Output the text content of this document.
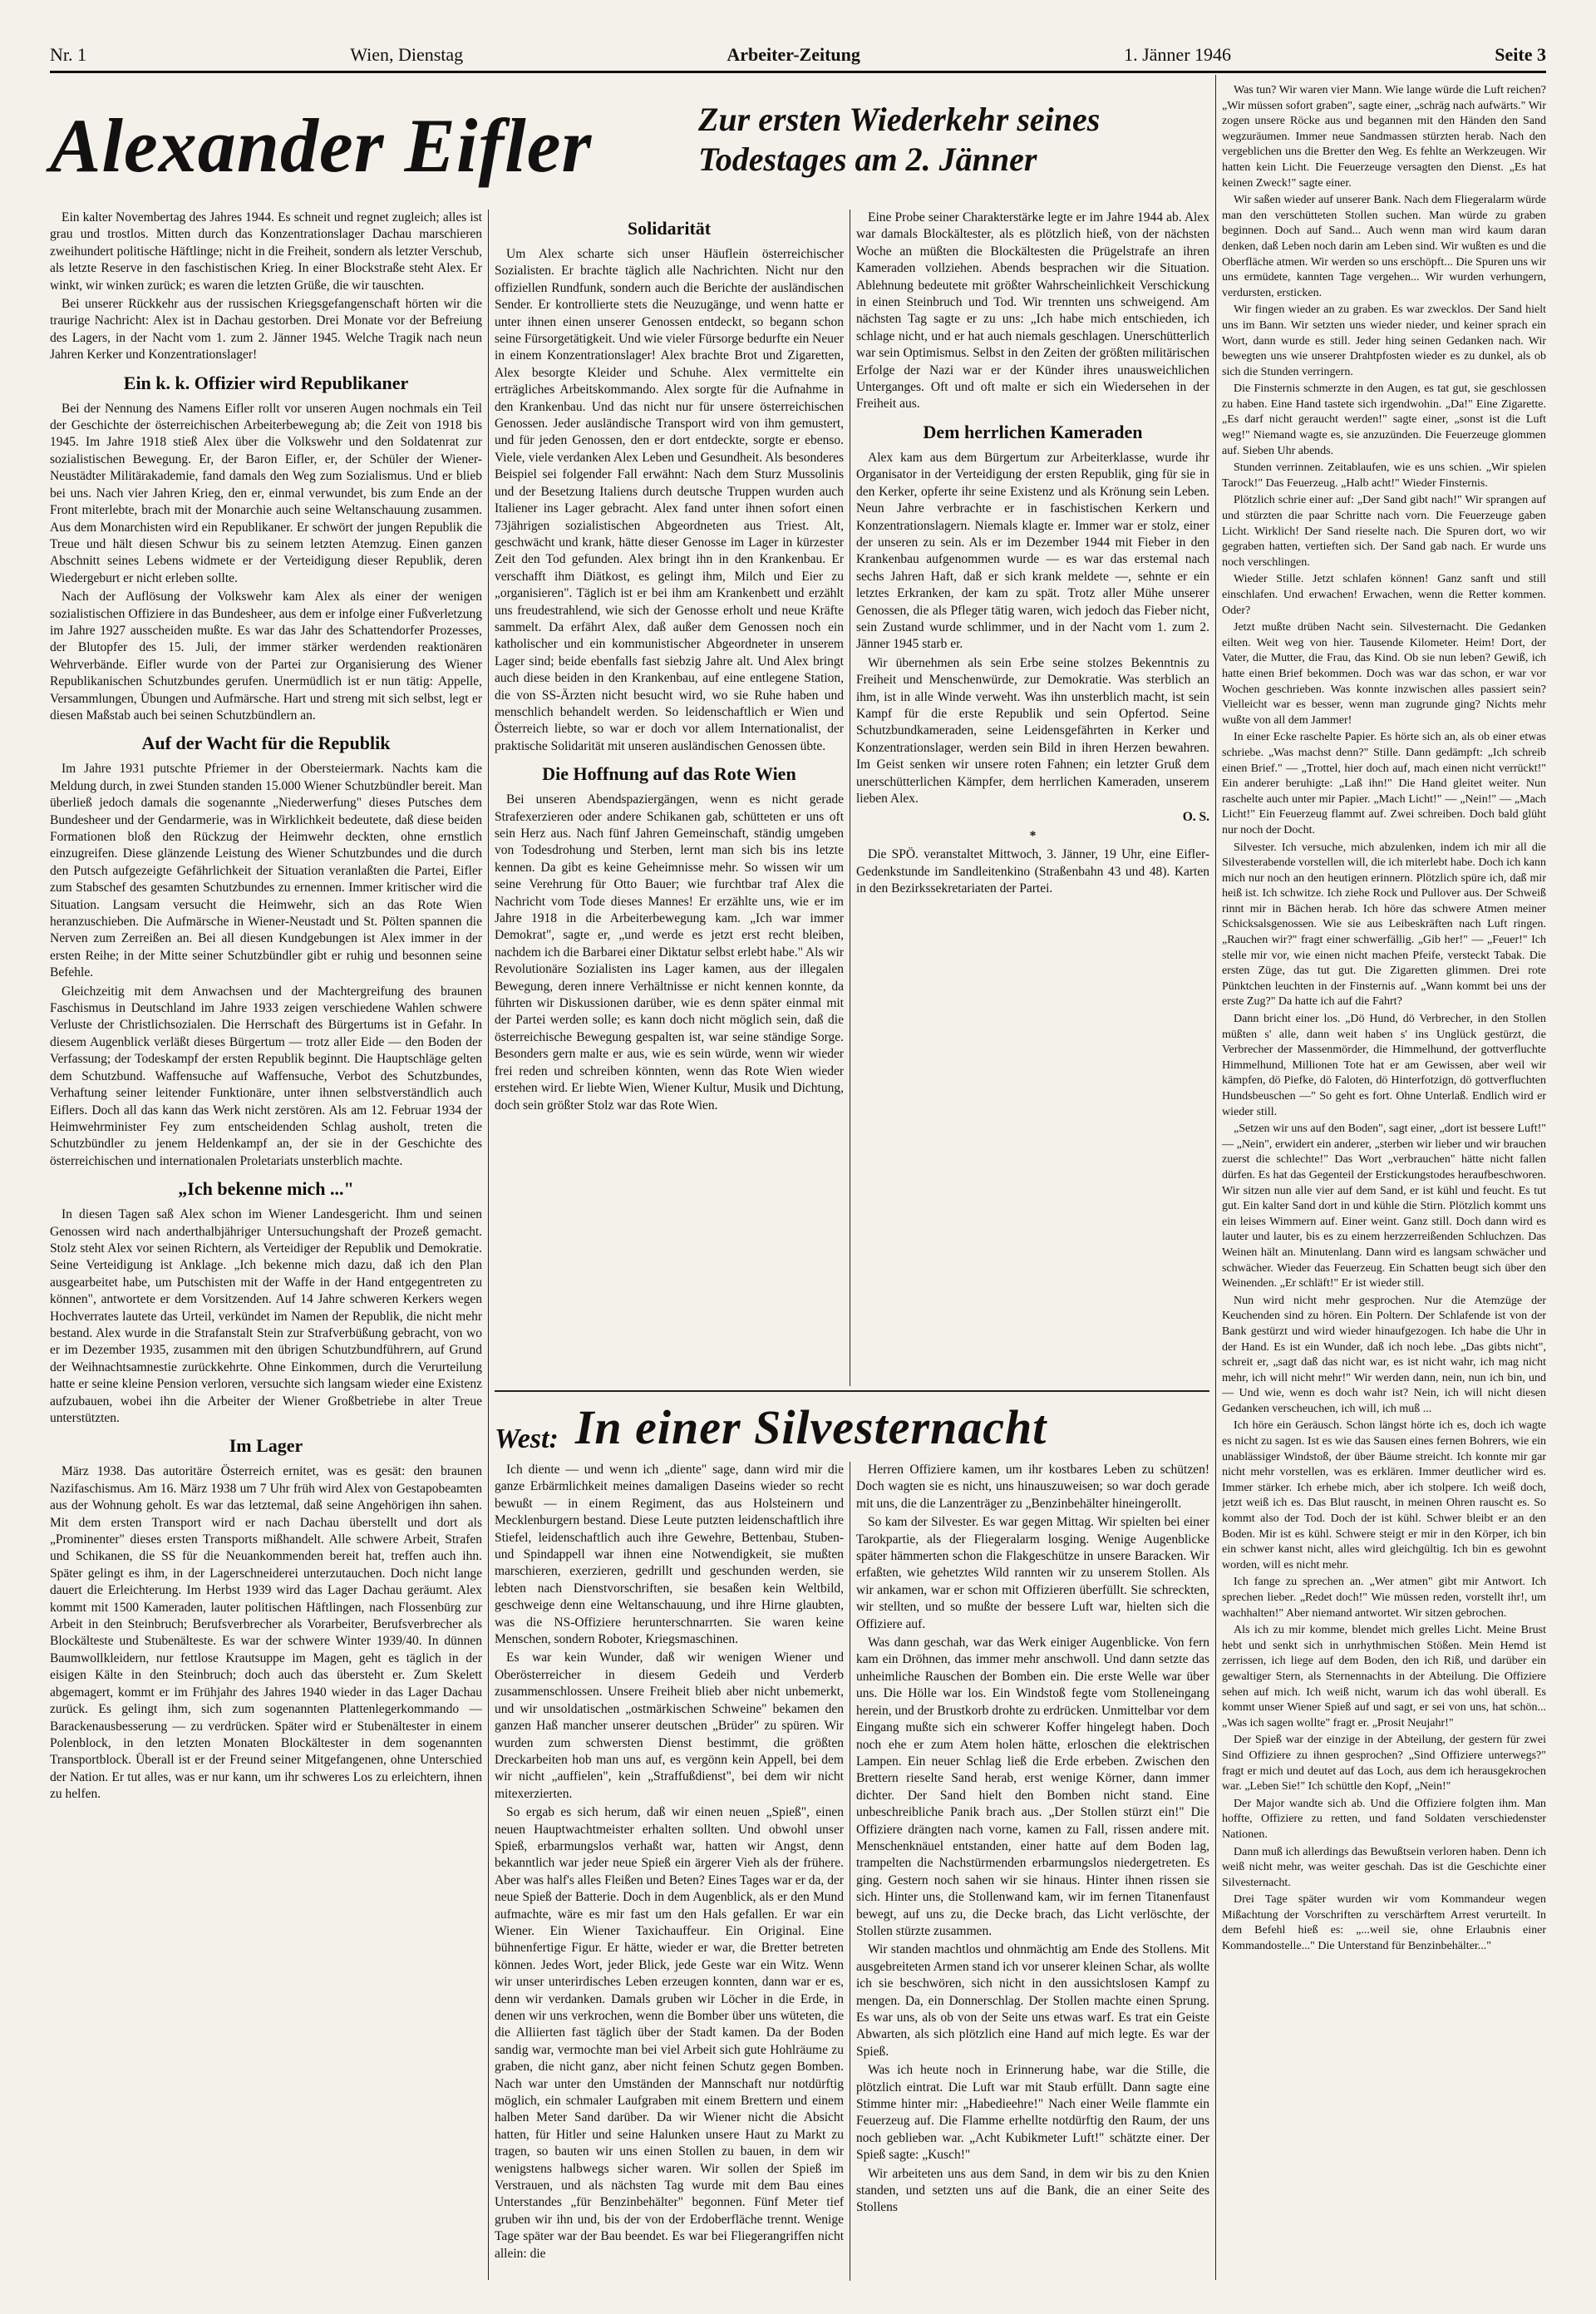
Nr. 1	Wien, Dienstag	Arbeiter-Zeitung	1. Jänner 1946	Seite 3
Alexander Eifler	Zur ersten Wiederkehr seines
Todestages am 2. Jänner

Ein kalter Novembertag des Jahres 1944. Es schneit und regnet zugleich; alles ist grau und trostlos. Mitten durch das Konzentrationslager Dachau marschieren zweihundert politische Häftlinge; nicht in die Freiheit, sondern als letzter Verschub, als letzte Reserve in den faschistischen Krieg. In einer Blockstraße steht Alex. Er winkt, wir winken zurück; es waren die letzten Grüße, die wir tauschten.

Bei unserer Rückkehr aus der russischen Kriegsgefangenschaft hörten wir die traurige Nachricht: Alex ist in Dachau gestorben. Drei Monate vor der Befreiung des Lagers, in der Nacht vom 1. zum 2. Jänner 1945. Welche Tragik nach neun Jahren Kerker und Konzentrationslager!

Ein k. k. Offizier wird Republikaner

Bei der Nennung des Namens Eifler rollt vor unseren Augen nochmals ein Teil der Geschichte der österreichischen Arbeiterbewegung ab; die Zeit von 1918 bis 1945. Im Jahre 1918 stieß Alex über die Volkswehr und den Soldatenrat zur sozialistischen Bewegung. Er, der Baron Eifler, er, der Schüler der Wiener-Neustädter Militärakademie, fand damals den Weg zum Sozialismus. Und er blieb bei uns. Nach vier Jahren Krieg, den er, einmal verwundet, bis zum Ende an der Front miterlebte, brach mit der Monarchie auch seine Weltanschauung zusammen. Aus dem Monarchisten wird ein Republikaner. Er schwört der jungen Republik die Treue und hält diesen Schwur bis zu seinem letzten Atemzug. Einen ganzen Abschnitt seines Lebens widmete er der Verteidigung dieser Republik, deren Wiedergeburt er nicht erleben sollte.

Nach der Auflösung der Volkswehr kam Alex als einer der wenigen sozialistischen Offiziere in das Bundesheer, aus dem er infolge einer Fußverletzung im Jahre 1927 ausscheiden mußte. Es war das Jahr des Schattendorfer Prozesses, der Blutopfer des 15. Juli, der immer stärker werdenden reaktionären Wehrverbände. Eifler wurde von der Partei zur Organisierung des Wiener Republikanischen Schutzbundes gerufen. Unermüdlich ist er nun tätig: Appelle, Versammlungen, Übungen und Aufmärsche. Hart und streng mit sich selbst, legt er diesen Maßstab auch bei seinen Schutzbündlern an.

Auf der Wacht für die Republik

Im Jahre 1931 putschte Pfriemer in der Obersteiermark. Nachts kam die Meldung durch, in zwei Stunden standen 15.000 Wiener Schutzbündler bereit. Man überließ jedoch damals die sogenannte „Niederwerfung" dieses Putsches dem Bundesheer und der Gendarmerie, was in Wirklichkeit bedeutete, daß diese beiden Formationen bloß den Rückzug der Heimwehr deckten, ohne ernstlich einzugreifen. Diese glänzende Leistung des Wiener Schutzbundes und die durch den Putsch aufgezeigte Gefährlichkeit der Situation veranlaßten die Partei, Eifler zum Stabschef des gesamten Schutzbundes zu ernennen. Immer kritischer wird die Situation. Langsam versucht die Heimwehr, sich an das Rote Wien heranzuschieben. Die Aufmärsche in Wiener-Neustadt und St. Pölten spannen die Nerven zum Zerreißen an. Bei all diesen Kundgebungen ist Alex immer in der ersten Reihe; in der Mitte seiner Schutzbündler gibt er ruhig und besonnen seine Befehle.

Gleichzeitig mit dem Anwachsen und der Machtergreifung des braunen Faschismus in Deutschland im Jahre 1933 zeigen verschiedene Wahlen schwere Verluste der Christlichsozialen. Die Herrschaft des Bürgertums ist in Gefahr. In diesem Augenblick verläßt dieses Bürgertum — trotz aller Eide — den Boden der Verfassung; der Todeskampf der ersten Republik beginnt. Die Hauptschläge gelten dem Schutzbund. Waffensuche auf Waffensuche, Verbot des Schutzbundes, Verhaftung seiner leitender Funktionäre, unter ihnen selbstverständlich auch Eiflers. Doch all das kann das Werk nicht zerstören. Als am 12. Februar 1934 der Heimwehrminister Fey zum entscheidenden Schlag ausholt, treten die Schutzbündler zu jenem Heldenkampf an, der sie in der Geschichte des österreichischen und internationalen Proletariats unsterblich machte.

„Ich bekenne mich ..."

In diesen Tagen saß Alex schon im Wiener Landesgericht. Ihm und seinen Genossen wird nach anderthalbjähriger Untersuchungshaft der Prozeß gemacht. Stolz steht Alex vor seinen Richtern, als Verteidiger der Republik und Demokratie. Seine Verteidigung ist Anklage. „Ich bekenne mich dazu, daß ich den Plan ausgearbeitet habe, um Putschisten mit der Waffe in der Hand entgegentreten zu können", antwortete er dem Vorsitzenden. Auf 14 Jahre schweren Kerkers wegen Hochverrates lautete das Urteil, verkündet im Namen der Republik, die nicht mehr bestand. Alex wurde in die Strafanstalt Stein zur Strafverbüßung gebracht, von wo er im Dezember 1935, zusammen mit den übrigen Schutzbundführern, auf Grund der Weihnachtsamnestie zurückkehrte. Ohne Einkommen, durch die Verurteilung hatte er seine kleine Pension verloren, versuchte sich langsam wieder eine Existenz aufzubauen, wobei ihn die Arbeiter der Wiener Großbetriebe in alter Treue unterstützten.

Im Lager

März 1938. Das autoritäre Österreich ernitet, was es gesät: den braunen Nazifaschismus. Am 16. März 1938 um 7 Uhr früh wird Alex von Gestapobeamten aus der Wohnung geholt. Es war das letztemal, daß seine Angehörigen ihn sahen. Mit dem ersten Transport wird er nach Dachau überstellt und dort als „Prominenter" dieses ersten Transports mißhandelt. Alle schwere Arbeit, Strafen und Schikanen, die SS für die Neuankommenden bereit hat, treffen auch ihn. Später gelingt es ihm, in der Lagerschneiderei unterzutauchen. Doch nicht lange dauert die Erleichterung. Im Herbst 1939 wird das Lager Dachau geräumt. Alex kommt mit 1500 Kameraden, lauter politischen Häftlingen, nach Flossenbürg zur Arbeit in den Steinbruch; Berufsverbrecher als Vorarbeiter, Berufsverbrecher als Blockälteste und Stubenälteste. Es war der schwere Winter 1939/40. In dünnen Baumwollkleidern, nur fettlose Krautsuppe im Magen, geht es täglich in der eisigen Kälte in den Steinbruch; doch auch das übersteht er. Zum Skelett abgemagert, kommt er im Frühjahr des Jahres 1940 wieder in das Lager Dachau zurück. Es gelingt ihm, sich zum sogenannten Plattenlegerkommando — Barackenausbesserung — zu verdrücken. Später wird er Stubenältester in einem Polenblock, in den letzten Monaten Blockältester in dem sogenannten Transportblock. Überall ist er der Freund seiner Mitgefangenen, ohne Unterschied der Nation. Er tut alles, was er nur kann, um ihr schweres Los zu erleichtern, ihnen zu helfen.

Solidarität

Um Alex scharte sich unser Häuflein österreichischer Sozialisten. Er brachte täglich alle Nachrichten. Nicht nur den offiziellen Rundfunk, sondern auch die Berichte der ausländischen Sender. Er kontrollierte stets die Neuzugänge, und wenn hatte er unter ihnen einen unserer Genossen entdeckt, so begann schon seine Fürsorgetätigkeit. Und wie vieler Fürsorge bedurfte ein Neuer in einem Konzentrationslager! Alex brachte Brot und Zigaretten, Alex besorgte Kleider und Schuhe. Alex vermittelte ein erträgliches Arbeitskommando. Alex sorgte für die Aufnahme in den Krankenbau. Und das nicht nur für unsere österreichischen Genossen. Jeder ausländische Transport wird von ihm gemustert, und für jeden Genossen, den er dort entdeckte, sorgte er ebenso. Viele, viele verdanken Alex Leben und Gesundheit. Als besonderes Beispiel sei folgender Fall erwähnt: Nach dem Sturz Mussolinis und der Besetzung Italiens durch deutsche Truppen wurden auch Italiener ins Lager gebracht. Alex fand unter ihnen sofort einen 73jährigen sozialistischen Abgeordneten aus Triest. Alt, geschwächt und krank, hätte dieser Genosse im Lager in kürzester Zeit den Tod gefunden. Alex bringt ihn in den Krankenbau. Er verschafft ihm Diätkost, es gelingt ihm, Milch und Eier zu „organisieren". Täglich ist er bei ihm am Krankenbett und erzählt uns freudestrahlend, wie sich der Genosse erholt und neue Kräfte sammelt. Da erfährt Alex, daß außer dem Genossen noch ein katholischer und ein kommunistischer Abgeordneter in unserem Lager sind; beide ebenfalls fast siebzig Jahre alt. Und Alex bringt auch diese beiden in den Krankenbau, auf eine entlegene Station, die von SS-Ärzten nicht besucht wird, wo sie Ruhe haben und menschlich behandelt werden. So leidenschaftlich er Wien und Österreich liebte, so war er doch vor allem Internationalist, der praktische Solidarität mit unseren ausländischen Genossen übte.

Die Hoffnung auf das Rote Wien

Bei unseren Abendspaziergängen, wenn es nicht gerade Strafexerzieren oder andere Schikanen gab, schütteten er uns oft sein Herz aus. Nach fünf Jahren Gemeinschaft, ständig umgeben von Todesdrohung und Sterben, lernt man sich bis ins letzte kennen. Da gibt es keine Geheimnisse mehr. So wissen wir um seine Verehrung für Otto Bauer; wie furchtbar traf Alex die Nachricht vom Tode dieses Mannes! Er erzählte uns, wie er im Jahre 1918 in die Arbeiterbewegung kam. „Ich war immer Demokrat", sagte er, „und werde es jetzt erst recht bleiben, nachdem ich die Barbarei einer Diktatur selbst erlebt habe." Als wir Revolutionäre Sozialisten ins Lager kamen, aus der illegalen Bewegung, deren innere Verhältnisse er nicht kennen konnte, da führten wir Diskussionen darüber, wie es denn später einmal mit der Partei werden solle; es kann doch nicht möglich sein, daß die österreichische Bewegung gespalten ist, war seine ständige Sorge. Besonders gern malte er aus, wie es sein würde, wenn wir wieder frei reden und schreiben könnten, wenn das Rote Wien wieder erstehen wird. Er liebte Wien, Wiener Kultur, Musik und Dichtung, doch sein größter Stolz war das Rote Wien.

Eine Probe seiner Charakterstärke legte er im Jahre 1944 ab. Alex war damals Blockältester, als es plötzlich hieß, von der nächsten Woche an müßten die Blockältesten die Prügelstrafe an ihren Kameraden vollziehen. Abends besprachen wir die Situation. Ablehnung bedeutete mit größter Wahrscheinlichkeit Verschickung in einen Steinbruch und Tod. Wir trennten uns schweigend. Am nächsten Tag sagte er zu uns: „Ich habe mich entschieden, ich schlage nicht, und er hat auch niemals geschlagen. Unerschütterlich war sein Optimismus. Selbst in den Zeiten der größten militärischen Erfolge der Nazi war er der Künder ihres unausweichlichen Unterganges. Oft und oft malte er sich ein Wiedersehen in der Freiheit aus.

Dem herrlichen Kameraden

Alex kam aus dem Bürgertum zur Arbeiterklasse, wurde ihr Organisator in der Verteidigung der ersten Republik, ging für sie in den Kerker, opferte ihr seine Existenz und als Krönung sein Leben. Neun Jahre verbrachte er in faschistischen Kerkern und Konzentrationslagern. Niemals klagte er. Immer war er stolz, einer der unseren zu sein. Als er im Dezember 1944 mit Fieber in den Krankenbau aufgenommen wurde — es war das erstemal nach sechs Jahren Haft, daß er sich krank meldete —, sehnte er ein letztes Erkranken, der kam zu spät. Trotz aller Mühe unserer Genossen, die als Pfleger tätig waren, wich jedoch das Fieber nicht, sein Zustand wurde schlimmer, und in der Nacht vom 1. zum 2. Jänner 1945 starb er.

Wir übernehmen als sein Erbe seine stolzes Bekenntnis zu Freiheit und Menschenwürde, zur Demokratie. Was sterblich an ihm, ist in alle Winde verweht. Was ihn unsterblich macht, ist sein Kampf für die erste Republik und sein Opfertod. Seine Schutzbundkameraden, seine Leidensgefährten in Kerker und Konzentrationslager, werden sein Bild in ihren Herzen bewahren. Im Geist senken wir unsere roten Fahnen; ein letzter Gruß dem unerschütterlichen Kämpfer, dem herrlichen Kameraden, unserem lieben Alex.

O. S.

*

Die SPÖ. veranstaltet Mittwoch, 3. Jänner, 19 Uhr, eine Eifler-Gedenkstunde im Sandleitenkino (Straßenbahn 43 und 48). Karten in den Bezirkssekretariaten der Partei.

West: In einer Silvesternacht

Ich diente — und wenn ich „diente" sage, dann wird mir die ganze Erbärmlichkeit meines damaligen Daseins wieder so recht bewußt — in einem Regiment, das aus Holsteinern und Mecklenburgern bestand. Diese Leute putzten leidenschaftlich ihre Stiefel, leidenschaftlich auch ihre Gewehre, Bettenbau, Stuben- und Spindappell war ihnen eine Notwendigkeit, sie mußten marschieren, exerzieren, gedrillt und geschunden werden, sie lebten nach Dienstvorschriften, sie besaßen kein Weltbild, geschweige denn eine Weltanschauung, und ihre Hirne glaubten, was die NS-Offiziere herunterschnarrten. Sie waren keine Menschen, sondern Roboter, Kriegsmaschinen.

Es war kein Wunder, daß wir wenigen Wiener und Oberösterreicher in diesem Gedeih und Verderb zusammenschlossen. Unsere Freiheit blieb aber nicht unbemerkt, und wir unsoldatischen „ostmärkischen Schweine" bekamen den ganzen Haß mancher unserer deutschen „Brüder" zu spüren. Wir wurden zum schwersten Dienst bestimmt, die größten Dreckarbeiten hob man uns auf, es vergönn kein Appell, bei dem wir nicht „auffielen", kein „Straffußdienst", bei dem wir nicht mitexerzierten.

So ergab es sich herum, daß wir einen neuen „Spieß", einen neuen Hauptwachtmeister erhalten sollten. Und obwohl unser Spieß, erbarmungslos verhaßt war, hatten wir Angst, denn bekanntlich war jeder neue Spieß ein ärgerer Vieh als der frühere. Aber was half's alles Fleißen und Beten? Eines Tages war er da, der neue Spieß der Batterie. Doch in dem Augenblick, als er den Mund aufmachte, wäre es mir fast um den Hals gefallen. Er war ein Wiener. Ein Wiener Taxichauffeur. Ein Original. Eine bühnenfertige Figur. Er hätte, wieder er war, die Bretter betreten können. Jedes Wort, jeder Blick, jede Geste war ein Witz. Wenn wir unser unterirdisches Leben erzeugen konnten, dann war er es, denn wir verdanken. Damals gruben wir Löcher in die Erde, in denen wir uns verkrochen, wenn die Bomber über uns wüteten, die die Alliierten fast täglich über der Stadt kamen. Da der Boden sandig war, vermochte man bei viel Arbeit sich gute Hohlräume zu graben, die nicht ganz, aber nicht feinen Schutz gegen Bomben. Nach war unter den Umständen der Mannschaft nur notdürftig möglich, ein schmaler Laufgraben mit einem Brettern und einem halben Meter Sand darüber. Da wir Wiener nicht die Absicht hatten, für Hitler und seine Halunken unsere Haut zu Markt zu tragen, so bauten wir uns einen Stollen zu bauen, in dem wir wenigstens halbwegs sicher waren. Wir sollen der Spieß im Verstrauen, und als nächsten Tag wurde mit dem Bau eines Unterstandes „für Benzinbehälter" begonnen. Fünf Meter tief gruben wir ihn und, bis der von der Erdoberfläche trennt. Wenige Tage später war der Bau beendet. Es war bei Fliegerangriffen nicht allein: die

Herren Offiziere kamen, um ihr kostbares Leben zu schützen! Doch wagten sie es nicht, uns hinauszuweisen; so war doch gerade mit uns, die die Lanzenträger zu „Benzinbehälter hineingerollt.

So kam der Silvester. Es war gegen Mittag. Wir spielten bei einer Tarokpartie, als der Fliegeralarm losging. Wenige Augenblicke später hämmerten schon die Flakgeschütze in unsere Baracken. Wir erfaßten, wie gehetztes Wild rannten wir zu unserem Stollen. Als wir ankamen, war er schon mit Offizieren überfüllt. Sie schreckten, wir stellten, und so mußte der bessere Luft war, hielten sich die Offiziere auf.

Was dann geschah, war das Werk einiger Augenblicke. Von fern kam ein Dröhnen, das immer mehr anschwoll. Und dann setzte das unheimliche Rauschen der Bomben ein. Die erste Welle war über uns. Die Hölle war los. Ein Windstoß fegte vom Stolleneingang herein, und der Brustkorb drohte zu erdrücken. Unmittelbar vor dem Eingang mußte sich ein schwerer Koffer hingelegt haben. Doch noch ehe er zum Atem holen hätte, erloschen die elektrischen Lampen. Ein neuer Schlag ließ die Erde erbeben. Zwischen den Brettern rieselte Sand herab, erst wenige Körner, dann immer dichter. Der Sand hielt den Bomben nicht stand. Eine unbeschreibliche Panik brach aus. „Der Stollen stürzt ein!" Die Offiziere drängten nach vorne, kamen zu Fall, rissen andere mit. Menschenknäuel entstanden, einer hatte auf dem Boden lag, trampelten die Nachstürmenden erbarmungslos niedergetreten. Es ging. Gestern noch sahen wir sie hinaus. Hinter ihnen rissen sie sich. Hinter uns, die Stollenwand kam, wir im fernen Titanenfaust bewegt, auf uns zu, die Decke brach, das Licht verlöschte, der Stollen stürzte zusammen.

Wir standen machtlos und ohnmächtig am Ende des Stollens. Mit ausgebreiteten Armen stand ich vor unserer kleinen Schar, als wollte ich sie beschwören, sich nicht in den aussichtslosen Kampf zu mengen. Da, ein Donnerschlag. Der Stollen machte einen Sprung. Es war uns, als ob von der Seite uns etwas warf. Es trat ein Geiste Abwarten, als sich plötzlich eine Hand auf mich legte. Es war der Spieß.

Was ich heute noch in Erinnerung habe, war die Stille, die plötzlich eintrat. Die Luft war mit Staub erfüllt. Dann sagte eine Stimme hinter mir: „Habedieehre!" Nach einer Weile flammte ein Feuerzeug auf. Die Flamme erhellte notdürftig den Raum, der uns noch geblieben war. „Acht Kubikmeter Luft!" schätzte einer. Der Spieß sagte: „Kusch!"

Wir arbeiteten uns aus dem Sand, in dem wir bis zu den Knien standen, und setzten uns auf die Bank, die an einer Seite des Stollens

Was tun? Wir waren vier Mann. Wie lange würde die Luft reichen? „Wir müssen sofort graben", sagte einer, „schräg nach aufwärts." Wir zogen unsere Röcke aus und begannen mit den Händen den Sand wegzuräumen. Immer neue Sandmassen stürzten herab. Nach den vergeblichen uns die Bretter den Weg. Es fehlte an Werkzeugen. Wir hatten kein Licht. Die Feuerzeuge versagten den Dienst. „Es hat keinen Zweck!" sagte einer.

Wir saßen wieder auf unserer Bank. Nach dem Fliegeralarm würde man den verschütteten Stollen suchen. Man würde zu graben beginnen. Doch auf Sand... Auch wenn man wird kaum daran denken, daß Leben noch darin am Leben sind. Wir wußten es und die Oberfläche atmen. Wir werden so uns erschöpft... Die Spuren uns wir uns ermüdete, kannten Tage vergehen... Wir wurden verhungern, verdursten, ersticken.

Wir fingen wieder an zu graben. Es war zwecklos. Der Sand hielt uns im Bann. Wir setzten uns wieder nieder, und keiner sprach ein Wort, dann wurde es still. Jeder hing seinen Gedanken nach. Wir bewegten uns wie unserer Drahtpfosten wieder es zu dunkel, als ob sich die Stunden verringern.

Die Finsternis schmerzte in den Augen, es tat gut, sie geschlossen zu haben. Eine Hand tastete sich irgendwohin. „Da!" Eine Zigarette. „Es darf nicht geraucht werden!" sagte einer, „sonst ist die Luft weg!" Niemand wagte es, sie anzuzünden. Die Feuerzeuge glommen auf. Sieben Uhr abends.

Stunden verrinnen. Zeitablaufen, wie es uns schien. „Wir spielen Tarock!" Das Feuerzeug. „Halb acht!" Wieder Finsternis.

Plötzlich schrie einer auf: „Der Sand gibt nach!" Wir sprangen auf und stürzten die paar Schritte nach vorn. Die Feuerzeuge gaben Licht. Wirklich! Der Sand rieselte nach. Die Spuren dort, wo wir gegraben hatten, vertieften sich. Der Sand gab nach. Er wurde uns noch verschlingen.

Wieder Stille. Jetzt schlafen können! Ganz sanft und still einschlafen. Und erwachen! Erwachen, wenn die Retter kommen. Oder?

Jetzt mußte drüben Nacht sein. Silvesternacht. Die Gedanken eilten. Weit weg von hier. Tausende Kilometer. Heim! Dort, der Vater, die Mutter, die Frau, das Kind. Ob sie nun leben? Gewiß, ich hatte einen Brief bekommen. Doch was war das schon, er war vor Wochen geschrieben. Was konnte inzwischen alles passiert sein? Vielleicht war es besser, wenn man zugrunde ging? Nichts mehr wußte von all dem Jammer!

In einer Ecke raschelte Papier. Es hörte sich an, als ob einer etwas schriebe. „Was machst denn?" Stille. Dann gedämpft: „Ich schreib einen Brief." — „Trottel, hier doch auf, mach einen nicht verrückt!" Ein anderer beruhigte: „Laß ihn!" Die Hand gleitet weiter. Nun raschelte auch unter mir Papier. „Mach Licht!" — „Nein!" — „Mach Licht!" Ein Feuerzeug flammt auf. Zwei schreiben. Doch bald glüht nur noch der Docht.

Silvester. Ich versuche, mich abzulenken, indem ich mir all die Silvesterabende vorstellen will, die ich miterlebt habe. Doch ich kann mich nur noch an den heutigen erinnern. Plötzlich spüre ich, daß mir heiß ist. Ich schwitze. Ich ziehe Rock und Pullover aus. Der Schweiß rinnt mir in Bächen herab. Ich höre das schwere Atmen meiner Schicksalsgenossen. Wie sie aus Leibeskräften nach Luft ringen. „Rauchen wir?" fragt einer schwerfällig. „Gib her!" — „Feuer!" Ich stelle mir vor, wie einen nicht machen Pfeife, versteckt Tabak. Die ersten Züge, das tut gut. Die Zigaretten glimmen. Drei rote Pünktchen leuchten in der Finsternis auf. „Wann kommt bei uns der erste Zug?" Da hatte ich auf die Fahrt?

Dann bricht einer los. „Dö Hund, dö Verbrecher, in den Stollen müßten s' alle, dann weit haben s' ins Unglück gestürzt, die Verbrecher der Massenmörder, die Himmelhund, der gottverfluchte Himmelhund, Millionen Tote hat er am Gewissen, aber weil wir kämpfen, dö Piefke, dö Faloten, dö Hinterfotzign, dö gottverfluchten Hundsbeuschen —" So geht es fort. Ohne Unterlaß. Endlich wird er wieder still.

„Setzen wir uns auf den Boden", sagt einer, „dort ist bessere Luft!" — „Nein", erwidert ein anderer, „sterben wir lieber und wir brauchen zuerst die schlechte!" Das Wort „verbrauchen" hätte nicht fallen dürfen. Es hat das Gegenteil der Erstickungstodes heraufbeschworen. Wir sitzen nun alle vier auf dem Sand, er ist kühl und feucht. Es tut gut. Ein kalter Sand dort in und kühle die Stirn. Plötzlich kommt uns ein leises Wimmern auf. Einer weint. Ganz still. Doch dann wird es lauter und lauter, bis es zu einem herzzerreißenden Schluchzen. Das Weinen hält an. Minutenlang. Dann wird es langsam schwächer und schwächer. Wieder das Feuerzeug. Ein Schatten beugt sich über den Weinenden. „Er schläft!" Er ist wieder still.

Nun wird nicht mehr gesprochen. Nur die Atemzüge der Keuchenden sind zu hören. Ein Poltern. Der Schlafende ist von der Bank gestürzt und wird wieder hinaufgezogen. Ich habe die Uhr in der Hand. Es ist ein Wunder, daß ich noch lebe. „Das gibts nicht", schreit er, „sagt daß das nicht war, es ist nicht wahr, ich mag nicht mehr, ich will nicht mehr!" Wir werden dann, nein, nun ich bin, und — Und wie, wenn es doch wahr ist? Nein, ich will nicht diesen Gedanken verscheuchen, ich will, ich muß ...

Ich höre ein Geräusch. Schon längst hörte ich es, doch ich wagte es nicht zu sagen. Ist es wie das Sausen eines fernen Bohrers, wie ein unablässiger Windstoß, der über Bäume streicht. Ich konnte mir gar nicht mehr vorstellen, was es erklären. Immer deutlicher wird es. Immer stärker. Ich erhebe mich, aber ich stolpere. Ich weiß doch, jetzt weiß ich es. Das Blut rauscht, in meinen Ohren rauscht es. So kommt also der Tod. Doch der ist kühl. Schwer bleibt er an den Boden. Mir ist es kühl. Schwere steigt er mir in den Körper, ich bin ein schwer kanst nicht, alles wird gleichgültig. Ich bin es gewohnt worden, will es nicht mehr.

Ich fange zu sprechen an. „Wer atmen" gibt mir Antwort. Ich sprechen lieber. „Redet doch!" Wie müssen reden, vorstellt ihr!, um wachhalten!" Aber niemand antwortet. Wir sitzen gebrochen.

Als ich zu mir komme, blendet mich grelles Licht. Meine Brust hebt und senkt sich in unrhythmischen Stößen. Mein Hemd ist zerrissen, ich liege auf dem Boden, den ich Riß, und darüber ein gewaltiger Stern, als Sternennachts in der Abteilung. Die Offiziere sehen auf mich. Ich weiß nicht, warum ich das wohl überall. Es kommt unser Wiener Spieß auf und sagt, er sei von uns, hat schön... „Was ich sagen wollte" fragt er. „Prosit Neujahr!"

Der Spieß war der einzige in der Abteilung, der gestern für zwei Sind Offiziere zu ihnen gesprochen? „Sind Offiziere unterwegs?" fragt er mich und deutet auf das Loch, aus dem ich herausgekrochen war. „Leben Sie!" Ich schüttle den Kopf, „Nein!"

Der Major wandte sich ab. Und die Offiziere folgten ihm. Man hoffte, Offiziere zu retten, und fand Soldaten verschiedenster Nationen.

Dann muß ich allerdings das Bewußtsein verloren haben. Denn ich weiß nicht mehr, was weiter geschah. Das ist die Geschichte einer Silvesternacht.

Drei Tage später wurden wir vom Kommandeur wegen Mißachtung der Vorschriften zu verschärftem Arrest verurteilt. In dem Befehl hieß es: „...weil sie, ohne Erlaubnis einer Kommandostelle..." Die Unterstand für Benzinbehälter..."
